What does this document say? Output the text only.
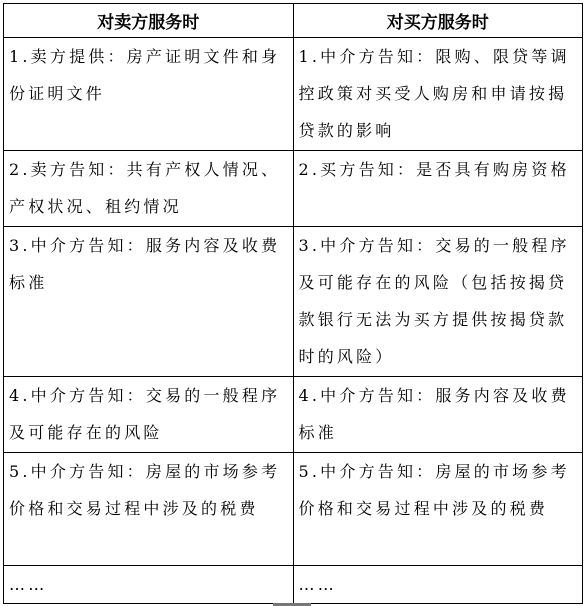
对卖方服务时	对买方服务时

1.卖方提供：房产证明文件和身份证明文件	1.中介方告知：限购、限贷等调控政策对买受人购房和申请按揭贷款的影响

2.卖方告知：共有产权人情况、产权状况、租约情况	2.买方告知：是否具有购房资格

3.中介方告知：服务内容及收费标准	3.中介方告知：交易的一般程序及可能存在的风险（包括按揭贷款银行无法为买方提供按揭贷款时的风险）

4.中介方告知：交易的一般程序及可能存在的风险	4.中介方告知：服务内容及收费标准

5.中介方告知：房屋的市场参考价格和交易过程中涉及的税费	5.中介方告知：房屋的市场参考价格和交易过程中涉及的税费

……	……
